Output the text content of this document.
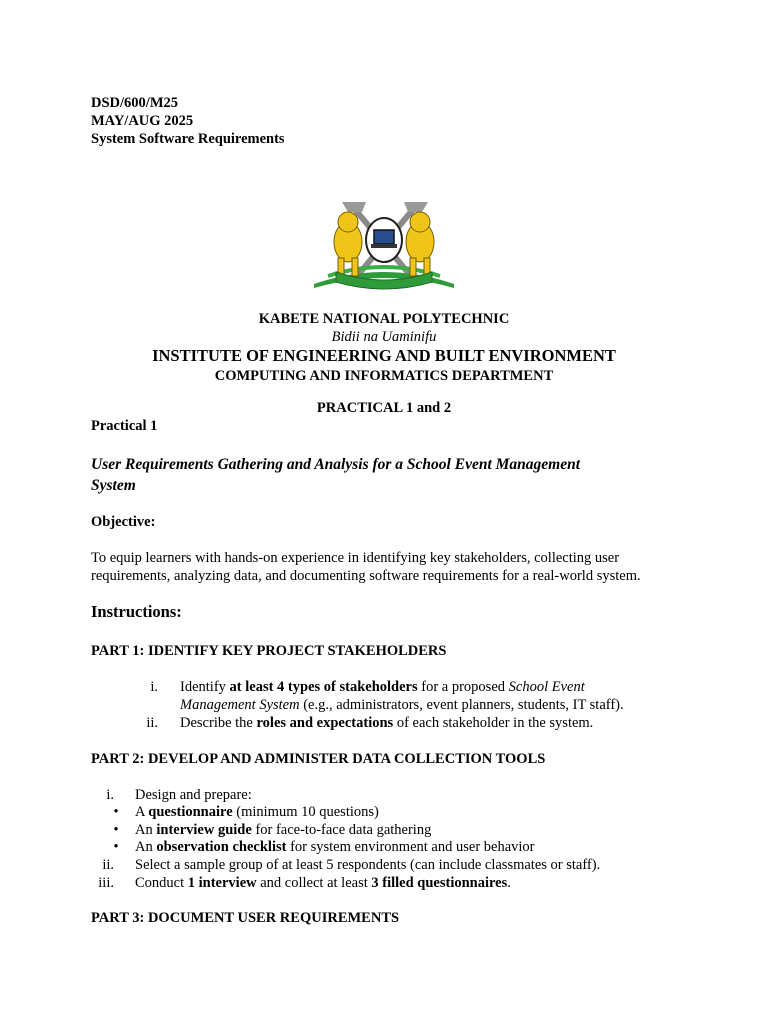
DSD/600/M25
MAY/AUG 2025
System Software Requirements
KABETE NATIONAL POLYTECHNIC
Bidii na Uaminifu
INSTITUTE OF ENGINEERING AND BUILT ENVIRONMENT
COMPUTING AND INFORMATICS DEPARTMENT
PRACTICAL 1 and 2
Practical 1
User Requirements Gathering and Analysis for a School Event Management
System
Objective:
To equip learners with hands-on experience in identifying key stakeholders, collecting user
requirements, analyzing data, and documenting software requirements for a real-world system.
Instructions:
PART 1: IDENTIFY KEY PROJECT STAKEHOLDERS
i. Identify at least 4 types of stakeholders for a proposed School Event
Management System (e.g., administrators, event planners, students, IT staff).
ii. Describe the roles and expectations of each stakeholder in the system.
PART 2: DEVELOP AND ADMINISTER DATA COLLECTION TOOLS
i. Design and prepare:
• A questionnaire (minimum 10 questions)
• An interview guide for face-to-face data gathering
• An observation checklist for system environment and user behavior
ii. Select a sample group of at least 5 respondents (can include classmates or staff).
iii. Conduct 1 interview and collect at least 3 filled questionnaires.
PART 3: DOCUMENT USER REQUIREMENTS
